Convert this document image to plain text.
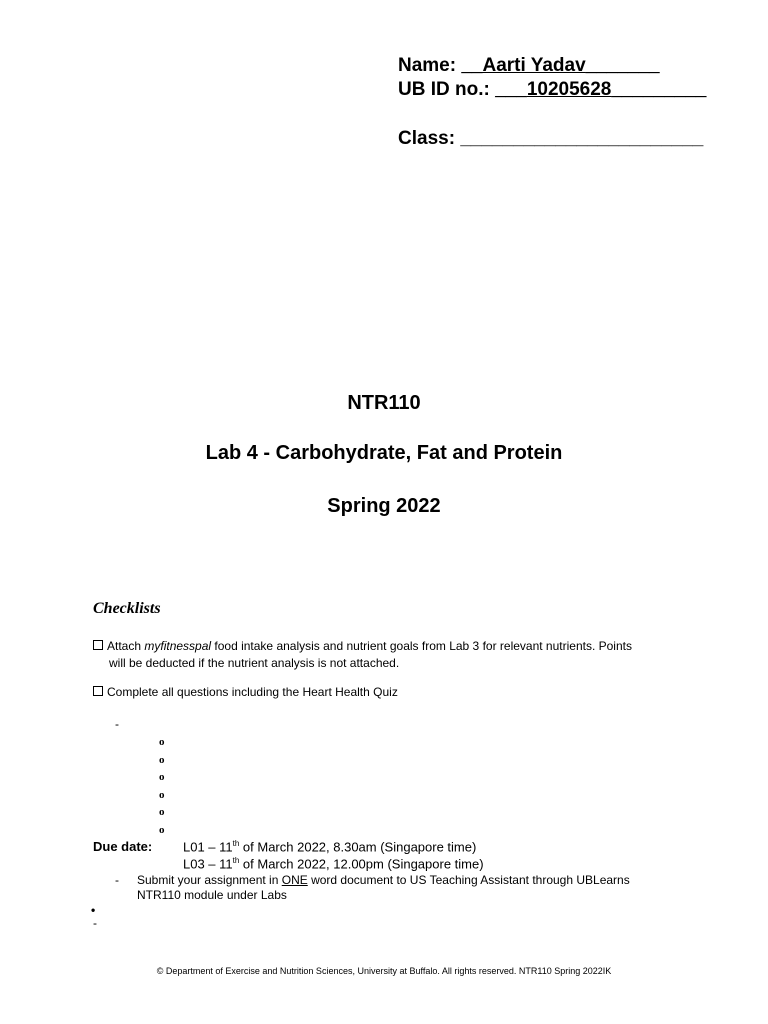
Name: __Aarti Yadav_______
UB ID no.: ___10205628_________
Class: _______________________
NTR110
Lab 4 - Carbohydrate, Fat and Protein
Spring 2022
Checklists
Attach myfitnesspal food intake analysis and nutrient goals from Lab 3 for relevant nutrients. Points
will be deducted if the nutrient analysis is not attached.
Complete all questions including the Heart Health Quiz
-
o
o
o
o
o
o
Due date: L01 – 11th of March 2022, 8.30am (Singapore time)
L03 – 11th of March 2022, 12.00pm (Singapore time)
- Submit your assignment in ONE word document to US Teaching Assistant through UBLearns
NTR110 module under Labs
•
-
© Department of Exercise and Nutrition Sciences, University at Buffalo. All rights reserved. NTR110 Spring 2022IK
